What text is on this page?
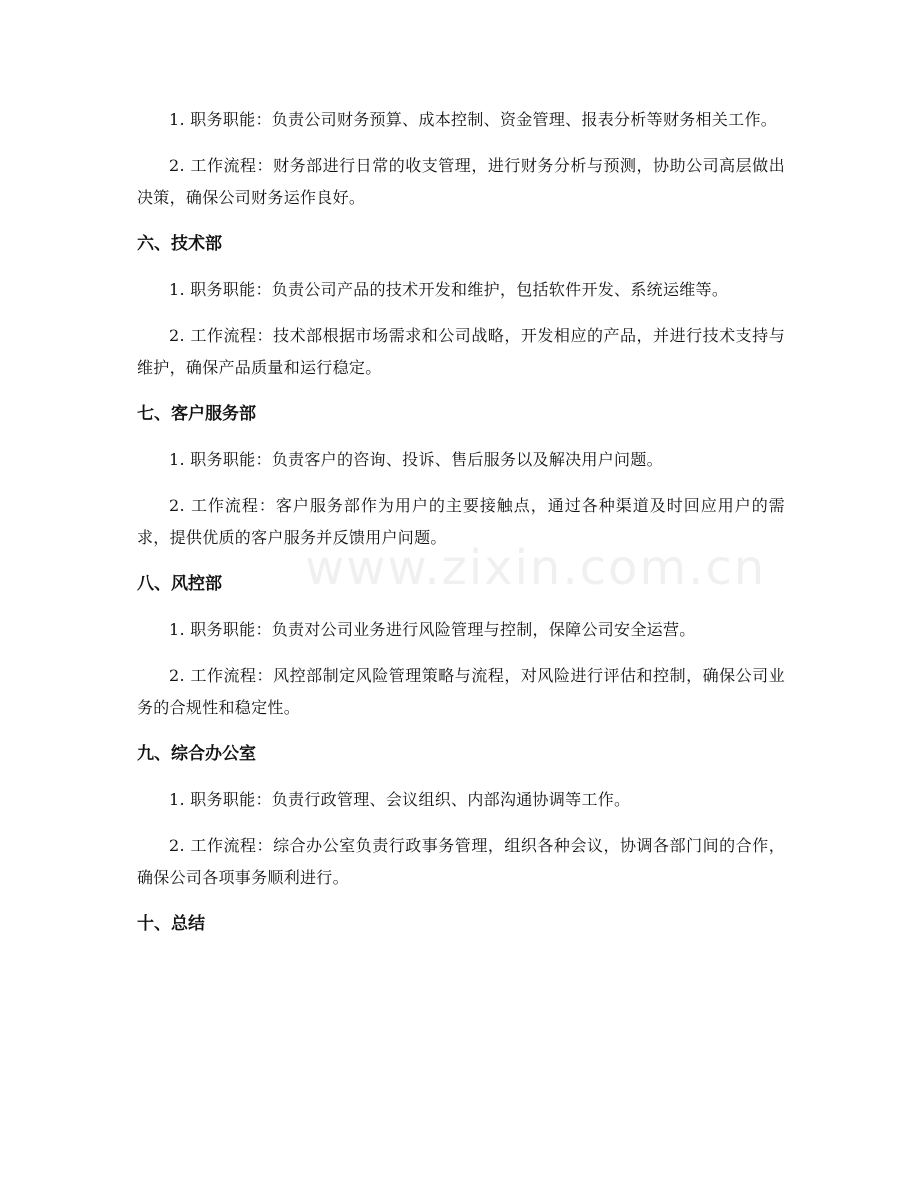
1. 职务职能：负责公司财务预算、成本控制、资金管理、报表分析等财务相关工作。

2. 工作流程：财务部进行日常的收支管理，进行财务分析与预测，协助公司高层做出决策，确保公司财务运作良好。

六、技术部

1. 职务职能：负责公司产品的技术开发和维护，包括软件开发、系统运维等。

2. 工作流程：技术部根据市场需求和公司战略，开发相应的产品，并进行技术支持与维护，确保产品质量和运行稳定。

七、客户服务部

1. 职务职能：负责客户的咨询、投诉、售后服务以及解决用户问题。

2. 工作流程：客户服务部作为用户的主要接触点，通过各种渠道及时回应用户的需求，提供优质的客户服务并反馈用户问题。

八、风控部

1. 职务职能：负责对公司业务进行风险管理与控制，保障公司安全运营。

2. 工作流程：风控部制定风险管理策略与流程，对风险进行评估和控制，确保公司业务的合规性和稳定性。

九、综合办公室

1. 职务职能：负责行政管理、会议组织、内部沟通协调等工作。

2. 工作流程：综合办公室负责行政事务管理，组织各种会议，协调各部门间的合作，确保公司各项事务顺利进行。

十、总结
www.zixin.com.cn
